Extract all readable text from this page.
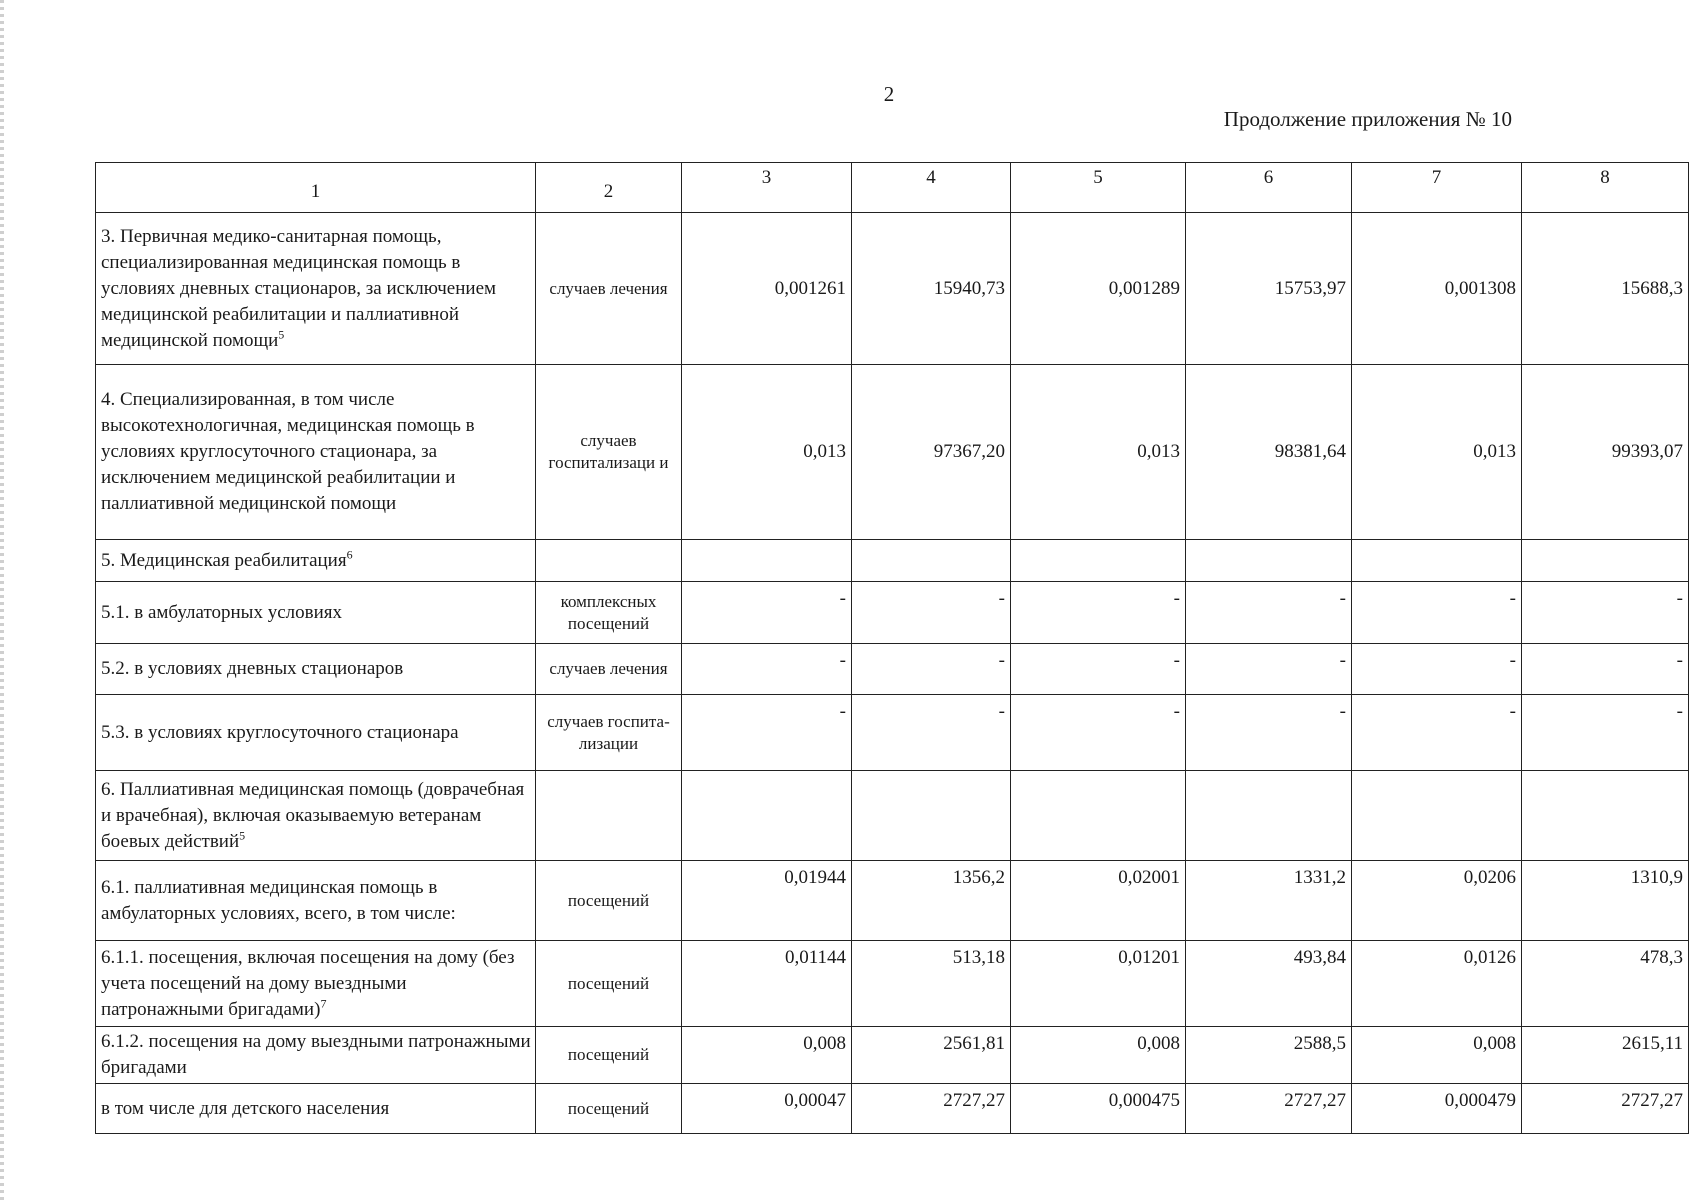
2
Продолжение приложения № 10
1	2	3	4	5	6	7	8
3. Первичная медико-санитарная помощь, специализированная медицинская помощь в условиях дневных стационаров, за исключением медицинской реабилитации и паллиативной медицинской помощи$^5$	случаев лечения	0,001261	15940,73	0,001289	15753,97	0,001308	15688,3
4. Специализированная, в том числе высокотехнологичная, медицинская помощь в условиях круглосуточного стационара, за исключением медицинской реабилитации и паллиативной медицинской помощи	случаев госпитализаци и	0,013	97367,20	0,013	98381,64	0,013	99393,07
5. Медицинская реабилитация$^6$							
5.1. в амбулаторных условиях	комплексных посещений	-	-	-	-	-	-
5.2. в условиях дневных стационаров	случаев лечения	-	-	-	-	-	-
5.3. в условиях круглосуточного стационара	случаев госпита-лизации	-	-	-	-	-	-
6. Паллиативная медицинская помощь (доврачебная и врачебная), включая оказываемую ветеранам боевых действий$^5$							
6.1. паллиативная медицинская помощь в амбулаторных условиях, всего, в том числе:	посещений	0,01944	1356,2	0,02001	1331,2	0,0206	1310,9
6.1.1. посещения, включая посещения на дому (без учета посещений на дому выездными патронажными бригадами)$^7$	посещений	0,01144	513,18	0,01201	493,84	0,0126	478,3
6.1.2. посещения на дому выездными патронажными бригадами	посещений	0,008	2561,81	0,008	2588,5	0,008	2615,11
в том числе для детского населения	посещений	0,00047	2727,27	0,000475	2727,27	0,000479	2727,27
